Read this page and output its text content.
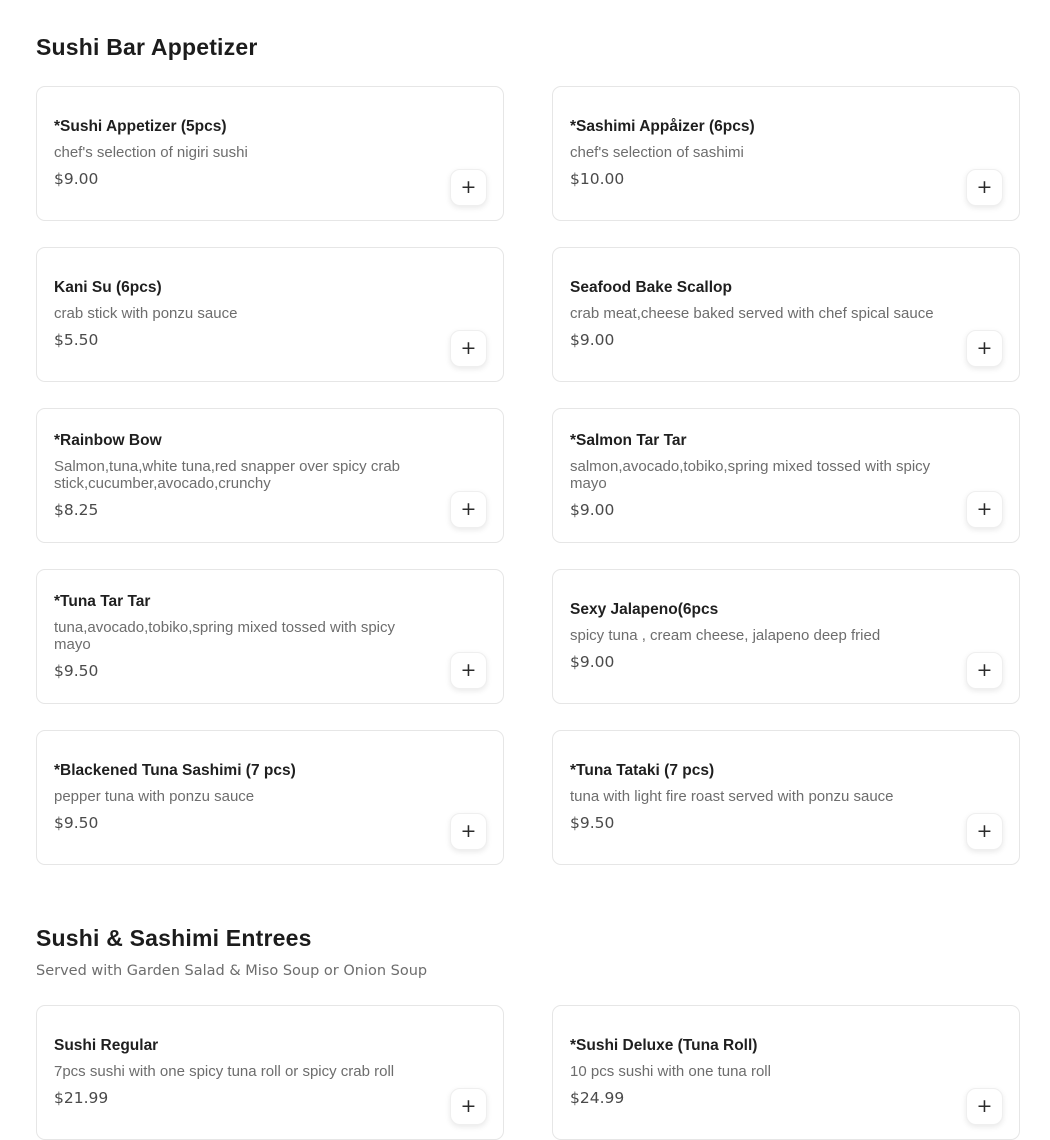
Sushi Bar Appetizer
*Sushi Appetizer (5pcs)

chef's selection of nigiri sushi

$9.00	+
*Sashimi Appåizer (6pcs)

chef's selection of sashimi

$10.00	+
Kani Su (6pcs)

crab stick with ponzu sauce

$5.50	+
Seafood Bake Scallop

crab meat,cheese baked served with chef spical sauce

$9.00	+
*Rainbow Bow

Salmon,tuna,white tuna,red snapper over spicy crab stick,cucumber,avocado,crunchy

$8.25	+
*Salmon Tar Tar

salmon,avocado,tobiko,spring mixed tossed with spicy mayo

$9.00	+
*Tuna Tar Tar

tuna,avocado,tobiko,spring mixed tossed with spicy mayo

$9.50	+
Sexy Jalapeno(6pcs

spicy tuna , cream cheese, jalapeno deep fried

$9.00	+
*Blackened Tuna Sashimi (7 pcs)

pepper tuna with ponzu sauce

$9.50	+
*Tuna Tataki (7 pcs)

tuna with light fire roast served with ponzu sauce

$9.50	+
Sushi & Sashimi Entrees

Served with Garden Salad & Miso Soup or Onion Soup

Sushi Regular

7pcs sushi with one spicy tuna roll or spicy crab roll

$21.99	+
*Sushi Deluxe (Tuna Roll)

10 pcs sushi with one tuna roll

$24.99	+
